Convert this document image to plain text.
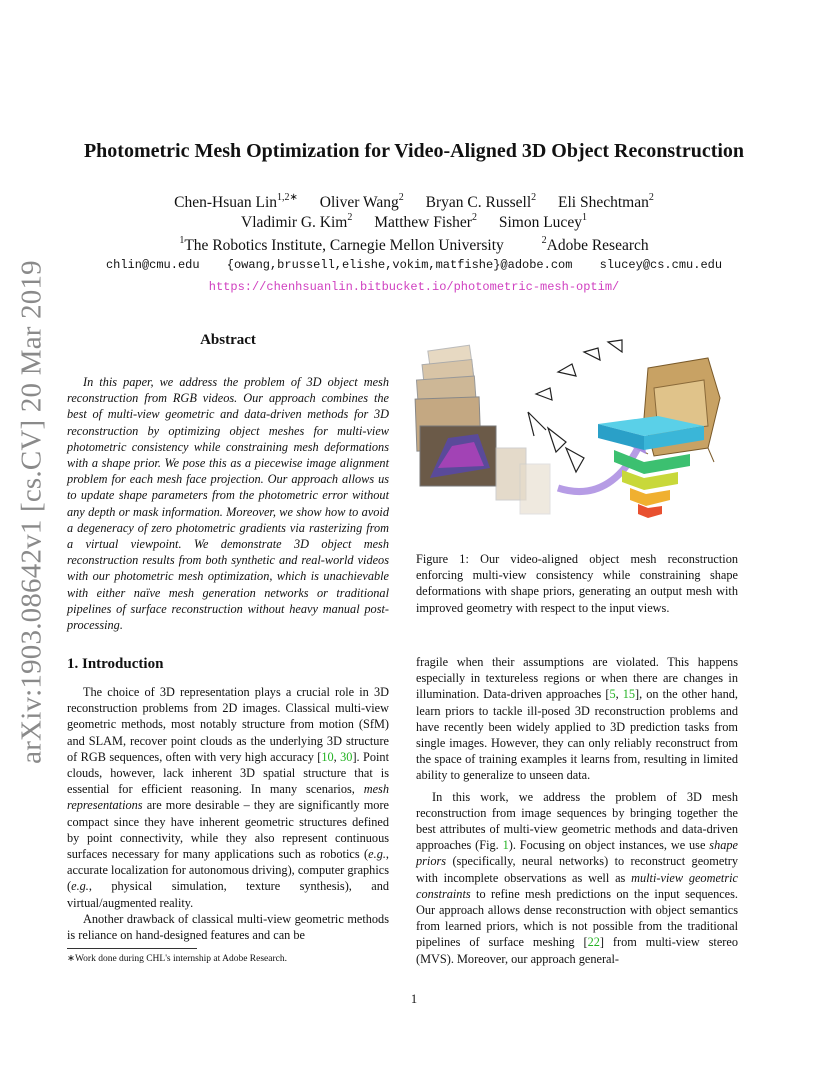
arXiv:1903.08642v1 [cs.CV] 20 Mar 2019
Photometric Mesh Optimization for Video-Aligned 3D Object Reconstruction
Chen-Hsuan Lin$^{1,2∗}$ Oliver Wang$^2$ Bryan C. Russell$^2$ Eli Shechtman$^2$
Vladimir G. Kim$^2$ Matthew Fisher$^2$ Simon Lucey$^1$
$^1$The Robotics Institute, Carnegie Mellon University	$^2$Adobe Research
chlin@cmu.edu {owang,brussell,elishe,vokim,matfishe}@adobe.com slucey@cs.cmu.edu
https://chenhsuanlin.bitbucket.io/photometric-mesh-optim/
Abstract
In this paper, we address the problem of 3D object mesh reconstruction from RGB videos. Our approach combines the best of multi-view geometric and data-driven methods for 3D reconstruction by optimizing object meshes for multi-view photometric consistency while constraining mesh deformations with a shape prior. We pose this as a piecewise image alignment problem for each mesh face projection. Our approach allows us to update shape parameters from the photometric error without any depth or mask information. Moreover, we show how to avoid a degeneracy of zero photometric gradients via rasterizing from a virtual viewpoint. We demonstrate 3D object mesh reconstruction results from both synthetic and real-world videos with our photometric mesh optimization, which is unachievable with either naïve mesh generation networks or traditional pipelines of surface reconstruction without heavy manual post-processing.
Figure 1: Our video-aligned object mesh reconstruction enforcing multi-view consistency while constraining shape deformations with shape priors, generating an output mesh with improved geometry with respect to the input views.
1. Introduction

The choice of 3D representation plays a crucial role in 3D reconstruction problems from 2D images. Classical multi-view geometric methods, most notably structure from motion (SfM) and SLAM, recover point clouds as the underlying 3D structure of RGB sequences, often with very high accuracy [10, 30]. Point clouds, however, lack inherent 3D spatial structure that is essential for efficient reasoning. In many scenarios, mesh representations are more desirable – they are significantly more compact since they have inherent geometric structures defined by point connectivity, while they also represent continuous surfaces necessary for many applications such as robotics (e.g., accurate localization for autonomous driving), computer graphics (e.g., physical simulation, texture synthesis), and virtual/augmented reality.

Another drawback of classical multi-view geometric methods is reliance on hand-designed features and can be

∗Work done during CHL's internship at Adobe Research.

fragile when their assumptions are violated. This happens especially in textureless regions or when there are changes in illumination. Data-driven approaches [5, 15], on the other hand, learn priors to tackle ill-posed 3D reconstruction problems and have recently been widely applied to 3D prediction tasks from single images. However, they can only reliably reconstruct from the space of training examples it learns from, resulting in limited ability to generalize to unseen data.

In this work, we address the problem of 3D mesh reconstruction from image sequences by bringing together the best attributes of multi-view geometric methods and data-driven approaches (Fig. 1). Focusing on object instances, we use shape priors (specifically, neural networks) to reconstruct geometry with incomplete observations as well as multi-view geometric constraints to refine mesh predictions on the input sequences. Our approach allows dense reconstruction with object semantics from learned priors, which is not possible from the traditional pipelines of surface meshing [22] from multi-view stereo (MVS). Moreover, our approach general-

1
